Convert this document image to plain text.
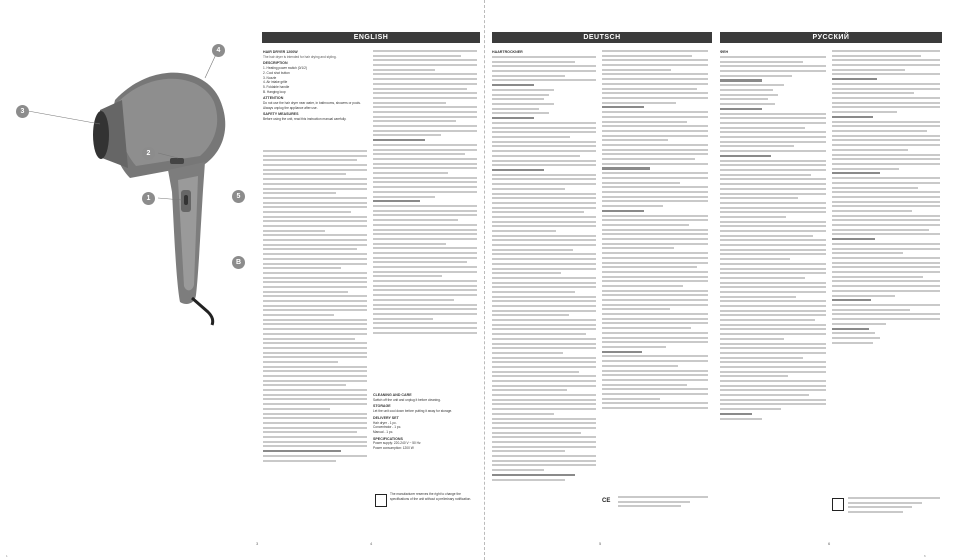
4
3
2
1	5
B
ENGLISH
HAIR DRYER 1200W
The hair dryer is intended for hair drying and styling.
DESCRIPTION
1. Heating power switch (0/1/2)
2. Cool shot button
3. Nozzle
4. Air intake grille
5. Foldable handle
B. Hanging loop
ATTENTION
Do not use the hair dryer near water, in bathrooms, showers or pools. Always unplug the appliance after use.
SAFETY MEASURES
Before using the unit, read this instruction manual carefully.
CLEANING AND CARE
Switch off the unit and unplug it before cleaning.
STORAGE
Let the unit cool down before putting it away for storage.
DELIVERY SET
Hair dryer - 1 pc.
Concentrator - 1 pc.
Manual - 1 pc.
SPECIFICATIONS
Power supply: 220-240 V ~ 50 Hz
Power consumption: 1200 W
The manufacturer reserves the right to change the specifications of the unit without a preliminary notification.
3	4
1
DEUTSCH	РУССКИЙ
HAARTROCKNER
CE
5
ФЕН
6
6
